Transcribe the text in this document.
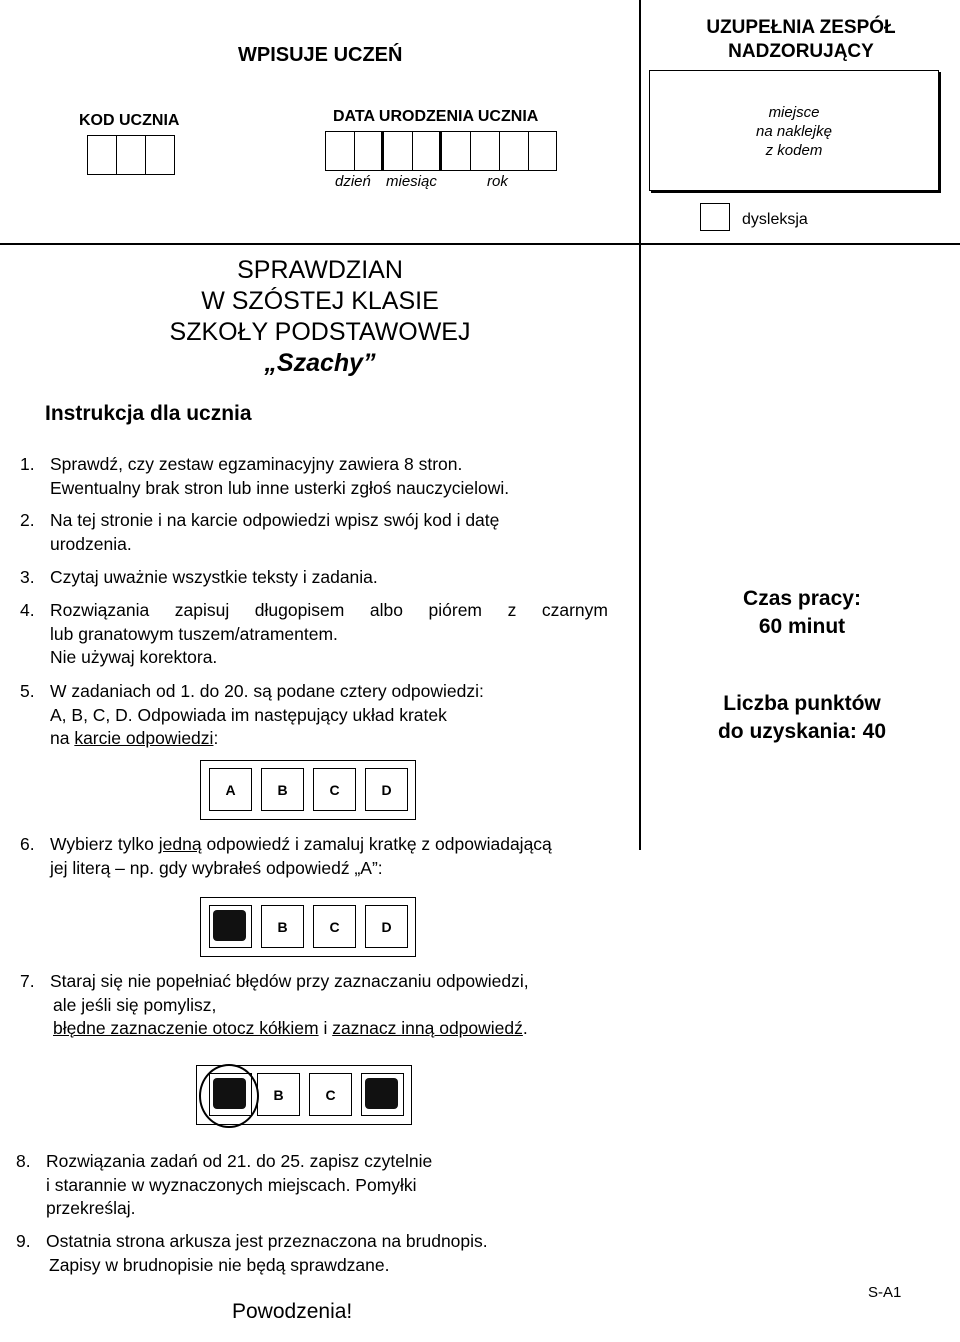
WPISUJE UCZEŃ
KOD UCZNIA	DATA URODZENIA UCZNIA
dzień miesiąc	rok
UZUPEŁNIA ZESPÓŁ
NADZORUJĄCY
miejsce
na naklejkę
z kodem
dysleksja
SPRAWDZIAN
W SZÓSTEJ KLASIE
SZKOŁY PODSTAWOWEJ
„Szachy”
Instrukcja dla ucznia
1. Sprawdź, czy zestaw egzaminacyjny zawiera 8 stron.
Ewentualny brak stron lub inne usterki zgłoś nauczycielowi.
2. Na tej stronie i na karcie odpowiedzi wpisz swój kod i datę
urodzenia.
3. Czytaj uważnie wszystkie teksty i zadania.
4. Rozwiązania zapisuj długopisem albo piórem z czarnym
lub granatowym tuszem/atramentem.
Nie używaj korektora.
5. W zadaniach od 1. do 20. są podane cztery odpowiedzi:
A, B, C, D. Odpowiada im następujący układ kratek
na karcie odpowiedzi:
A	B	C	D
6. Wybierz tylko jedną odpowiedź i zamaluj kratkę z odpowiadającą
jej literą – np. gdy wybrałeś odpowiedź „A”:
B	C	D
7. Staraj się nie popełniać błędów przy zaznaczaniu odpowiedzi,
ale jeśli się pomylisz,
błędne zaznaczenie otocz kółkiem i zaznacz inną odpowiedź.
B	C
8. Rozwiązania zadań od 21. do 25. zapisz czytelnie
i starannie w wyznaczonych miejscach. Pomyłki
przekreślaj.
9. Ostatnia strona arkusza jest przeznaczona na brudnopis.
Zapisy w brudnopisie nie będą sprawdzane.
Czas pracy:
60 minut
Liczba punktów
do uzyskania: 40
Powodzenia!
S-A1
